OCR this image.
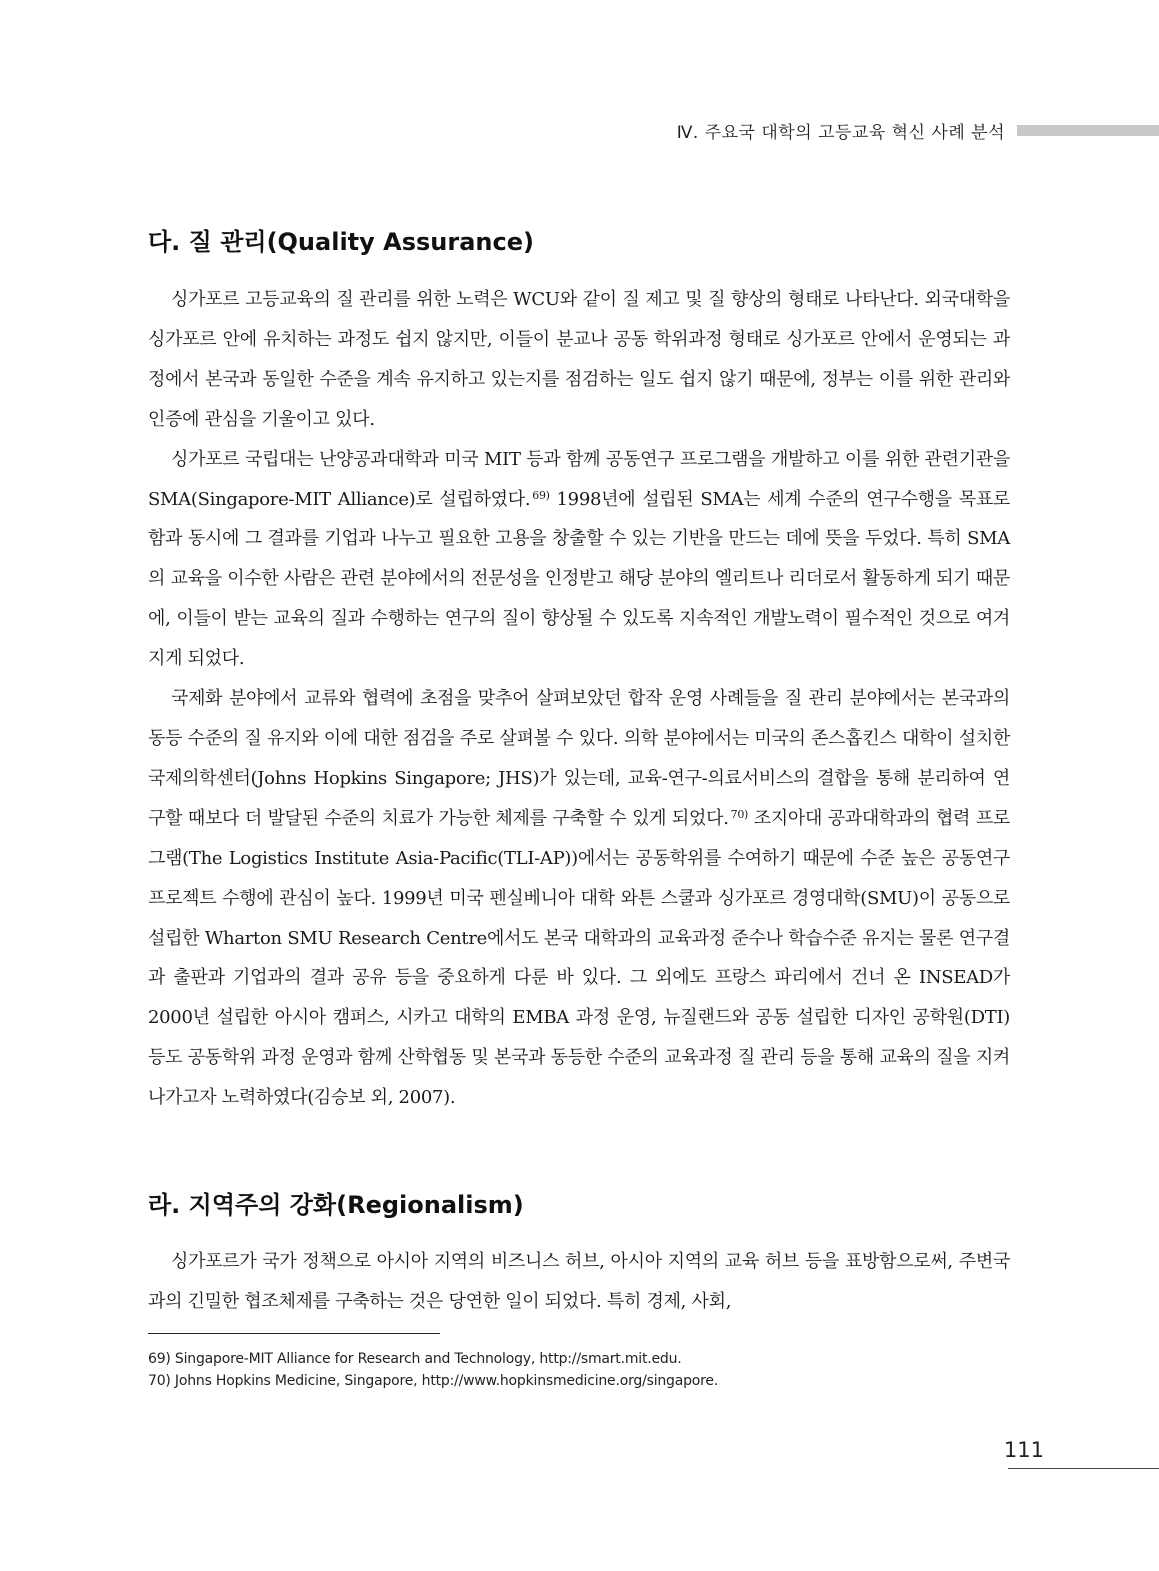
Ⅳ. 주요국 대학의 고등교육 혁신 사례 분석
다. 질 관리(Quality Assurance)

싱가포르 고등교육의 질 관리를 위한 노력은 WCU와 같이 질 제고 및 질 향상의 형태로 나타난다. 외국대학을 싱가포르 안에 유치하는 과정도 쉽지 않지만, 이들이 분교나 공동 학위과정 형태로 싱가포르 안에서 운영되는 과정에서 본국과 동일한 수준을 계속 유지하고 있는지를 점검하는 일도 쉽지 않기 때문에, 정부는 이를 위한 관리와 인증에 관심을 기울이고 있다.

싱가포르 국립대는 난양공과대학과 미국 MIT 등과 함께 공동연구 프로그램을 개발하고 이를 위한 관련기관을 SMA(Singapore-MIT Alliance)로 설립하였다. $^{69)}$ 1998년에 설립된 SMA는 세계 수준의 연구수행을 목표로 함과 동시에 그 결과를 기업과 나누고 필요한 고용을 창출할 수 있는 기반을 만드는 데에 뜻을 두었다. 특히 SMA의 교육을 이수한 사람은 관련 분야에서의 전문성을 인정받고 해당 분야의 엘리트나 리더로서 활동하게 되기 때문에, 이들이 받는 교육의 질과 수행하는 연구의 질이 향상될 수 있도록 지속적인 개발노력이 필수적인 것으로 여겨지게 되었다.

국제화 분야에서 교류와 협력에 초점을 맞추어 살펴보았던 합작 운영 사례들을 질 관리 분야에서는 본국과의 동등 수준의 질 유지와 이에 대한 점검을 주로 살펴볼 수 있다. 의학 분야에서는 미국의 존스홉킨스 대학이 설치한 국제의학센터(Johns Hopkins Singapore; JHS)가 있는데, 교육-연구-의료서비스의 결합을 통해 분리하여 연구할 때보다 더 발달된 수준의 치료가 가능한 체제를 구축할 수 있게 되었다. $^{70)}$ 조지아대 공과대학과의 협력 프로그램(The Logistics Institute Asia-Pacific(TLI-AP))에서는 공동학위를 수여하기 때문에 수준 높은 공동연구 프로젝트 수행에 관심이 높다. 1999년 미국 펜실베니아 대학 와튼 스쿨과 싱가포르 경영대학(SMU)이 공동으로 설립한 Wharton SMU Research Centre에서도 본국 대학과의 교육과정 준수나 학습수준 유지는 물론 연구결과 출판과 기업과의 결과 공유 등을 중요하게 다룬 바 있다. 그 외에도 프랑스 파리에서 건너 온 INSEAD가 2000년 설립한 아시아 캠퍼스, 시카고 대학의 EMBA 과정 운영, 뉴질랜드와 공동 설립한 디자인 공학원(DTI) 등도 공동학위 과정 운영과 함께 산학협동 및 본국과 동등한 수준의 교육과정 질 관리 등을 통해 교육의 질을 지켜나가고자 노력하였다(김승보 외, 2007).

라. 지역주의 강화(Regionalism)

싱가포르가 국가 정책으로 아시아 지역의 비즈니스 허브, 아시아 지역의 교육 허브 등을 표방함으로써, 주변국과의 긴밀한 협조체제를 구축하는 것은 당연한 일이 되었다. 특히 경제, 사회,

69) Singapore-MIT Alliance for Research and Technology, http://smart.mit.edu.

70) Johns Hopkins Medicine, Singapore, http://www.hopkinsmedicine.org/singapore.

111
